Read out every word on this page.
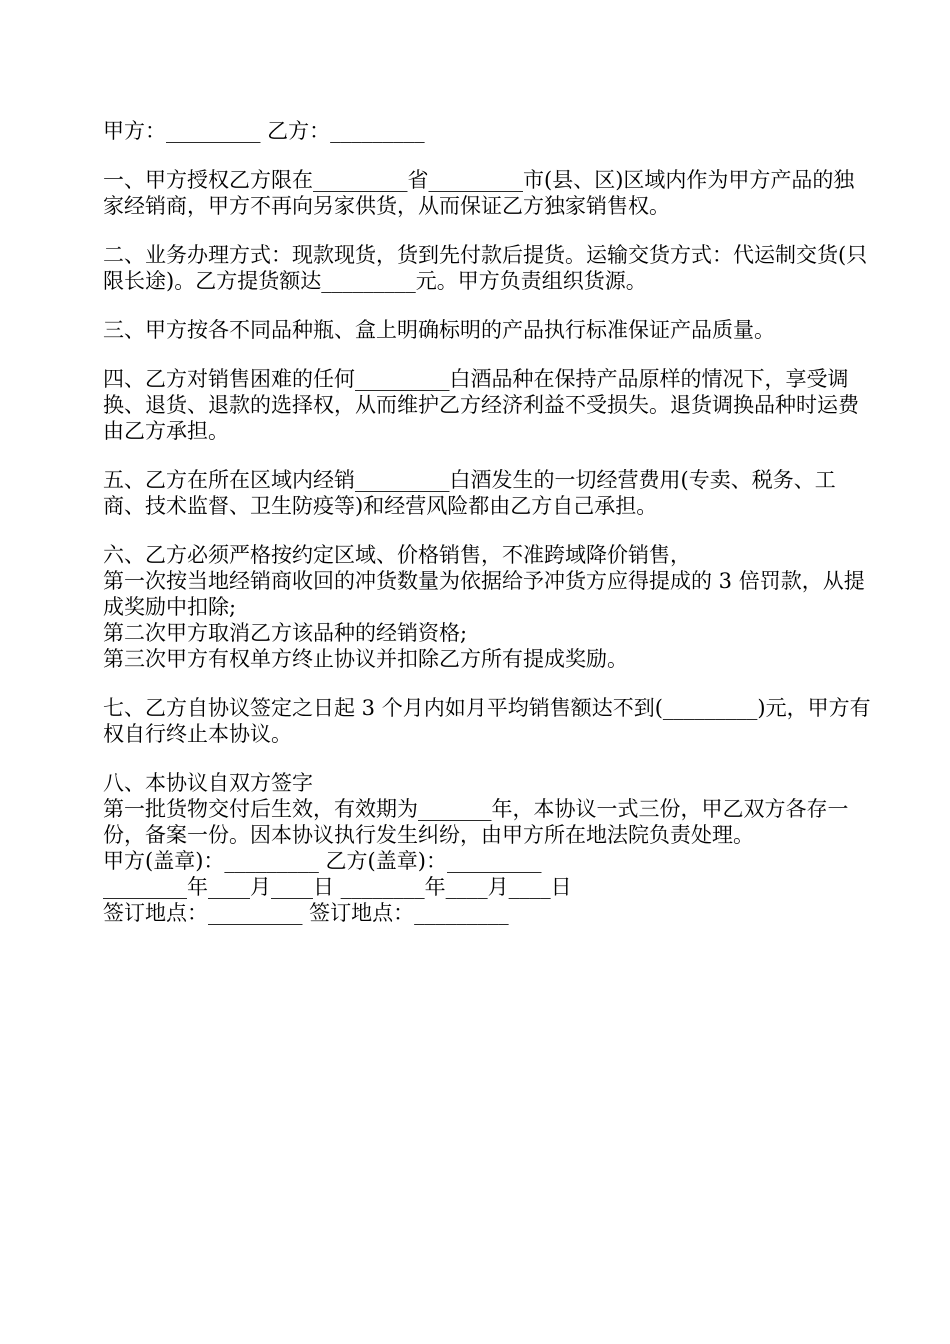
甲方：_________ 乙方：_________

一、甲方授权乙方限在_________省_________市(县、区)区域内作为甲方产品的独家经销商，甲方不再向另家供货，从而保证乙方独家销售权。

二、业务办理方式：现款现货，货到先付款后提货。运输交货方式：代运制交货(只限长途)。乙方提货额达_________元。甲方负责组织货源。

三、甲方按各不同品种瓶、盒上明确标明的产品执行标准保证产品质量。

四、乙方对销售困难的任何_________白酒品种在保持产品原样的情况下，享受调换、退货、退款的选择权，从而维护乙方经济利益不受损失。退货调换品种时运费由乙方承担。

五、乙方在所在区域内经销_________白酒发生的一切经营费用(专卖、税务、工商、技术监督、卫生防疫等)和经营风险都由乙方自己承担。

六、乙方必须严格按约定区域、价格销售，不准跨域降价销售，

第一次按当地经销商收回的冲货数量为依据给予冲货方应得提成的 3 倍罚款，从提成奖励中扣除;

第二次甲方取消乙方该品种的经销资格;

第三次甲方有权单方终止协议并扣除乙方所有提成奖励。

七、乙方自协议签定之日起 3 个月内如月平均销售额达不到(_________)元，甲方有权自行终止本协议。

八、本协议自双方签字

第一批货物交付后生效，有效期为_______年，本协议一式三份，甲乙双方各存一份，备案一份。因本协议执行发生纠纷，由甲方所在地法院负责处理。

甲方(盖章)：_________ 乙方(盖章)：_________

________年____月____日 ________年____月____日

签订地点：_________ 签订地点：_________
